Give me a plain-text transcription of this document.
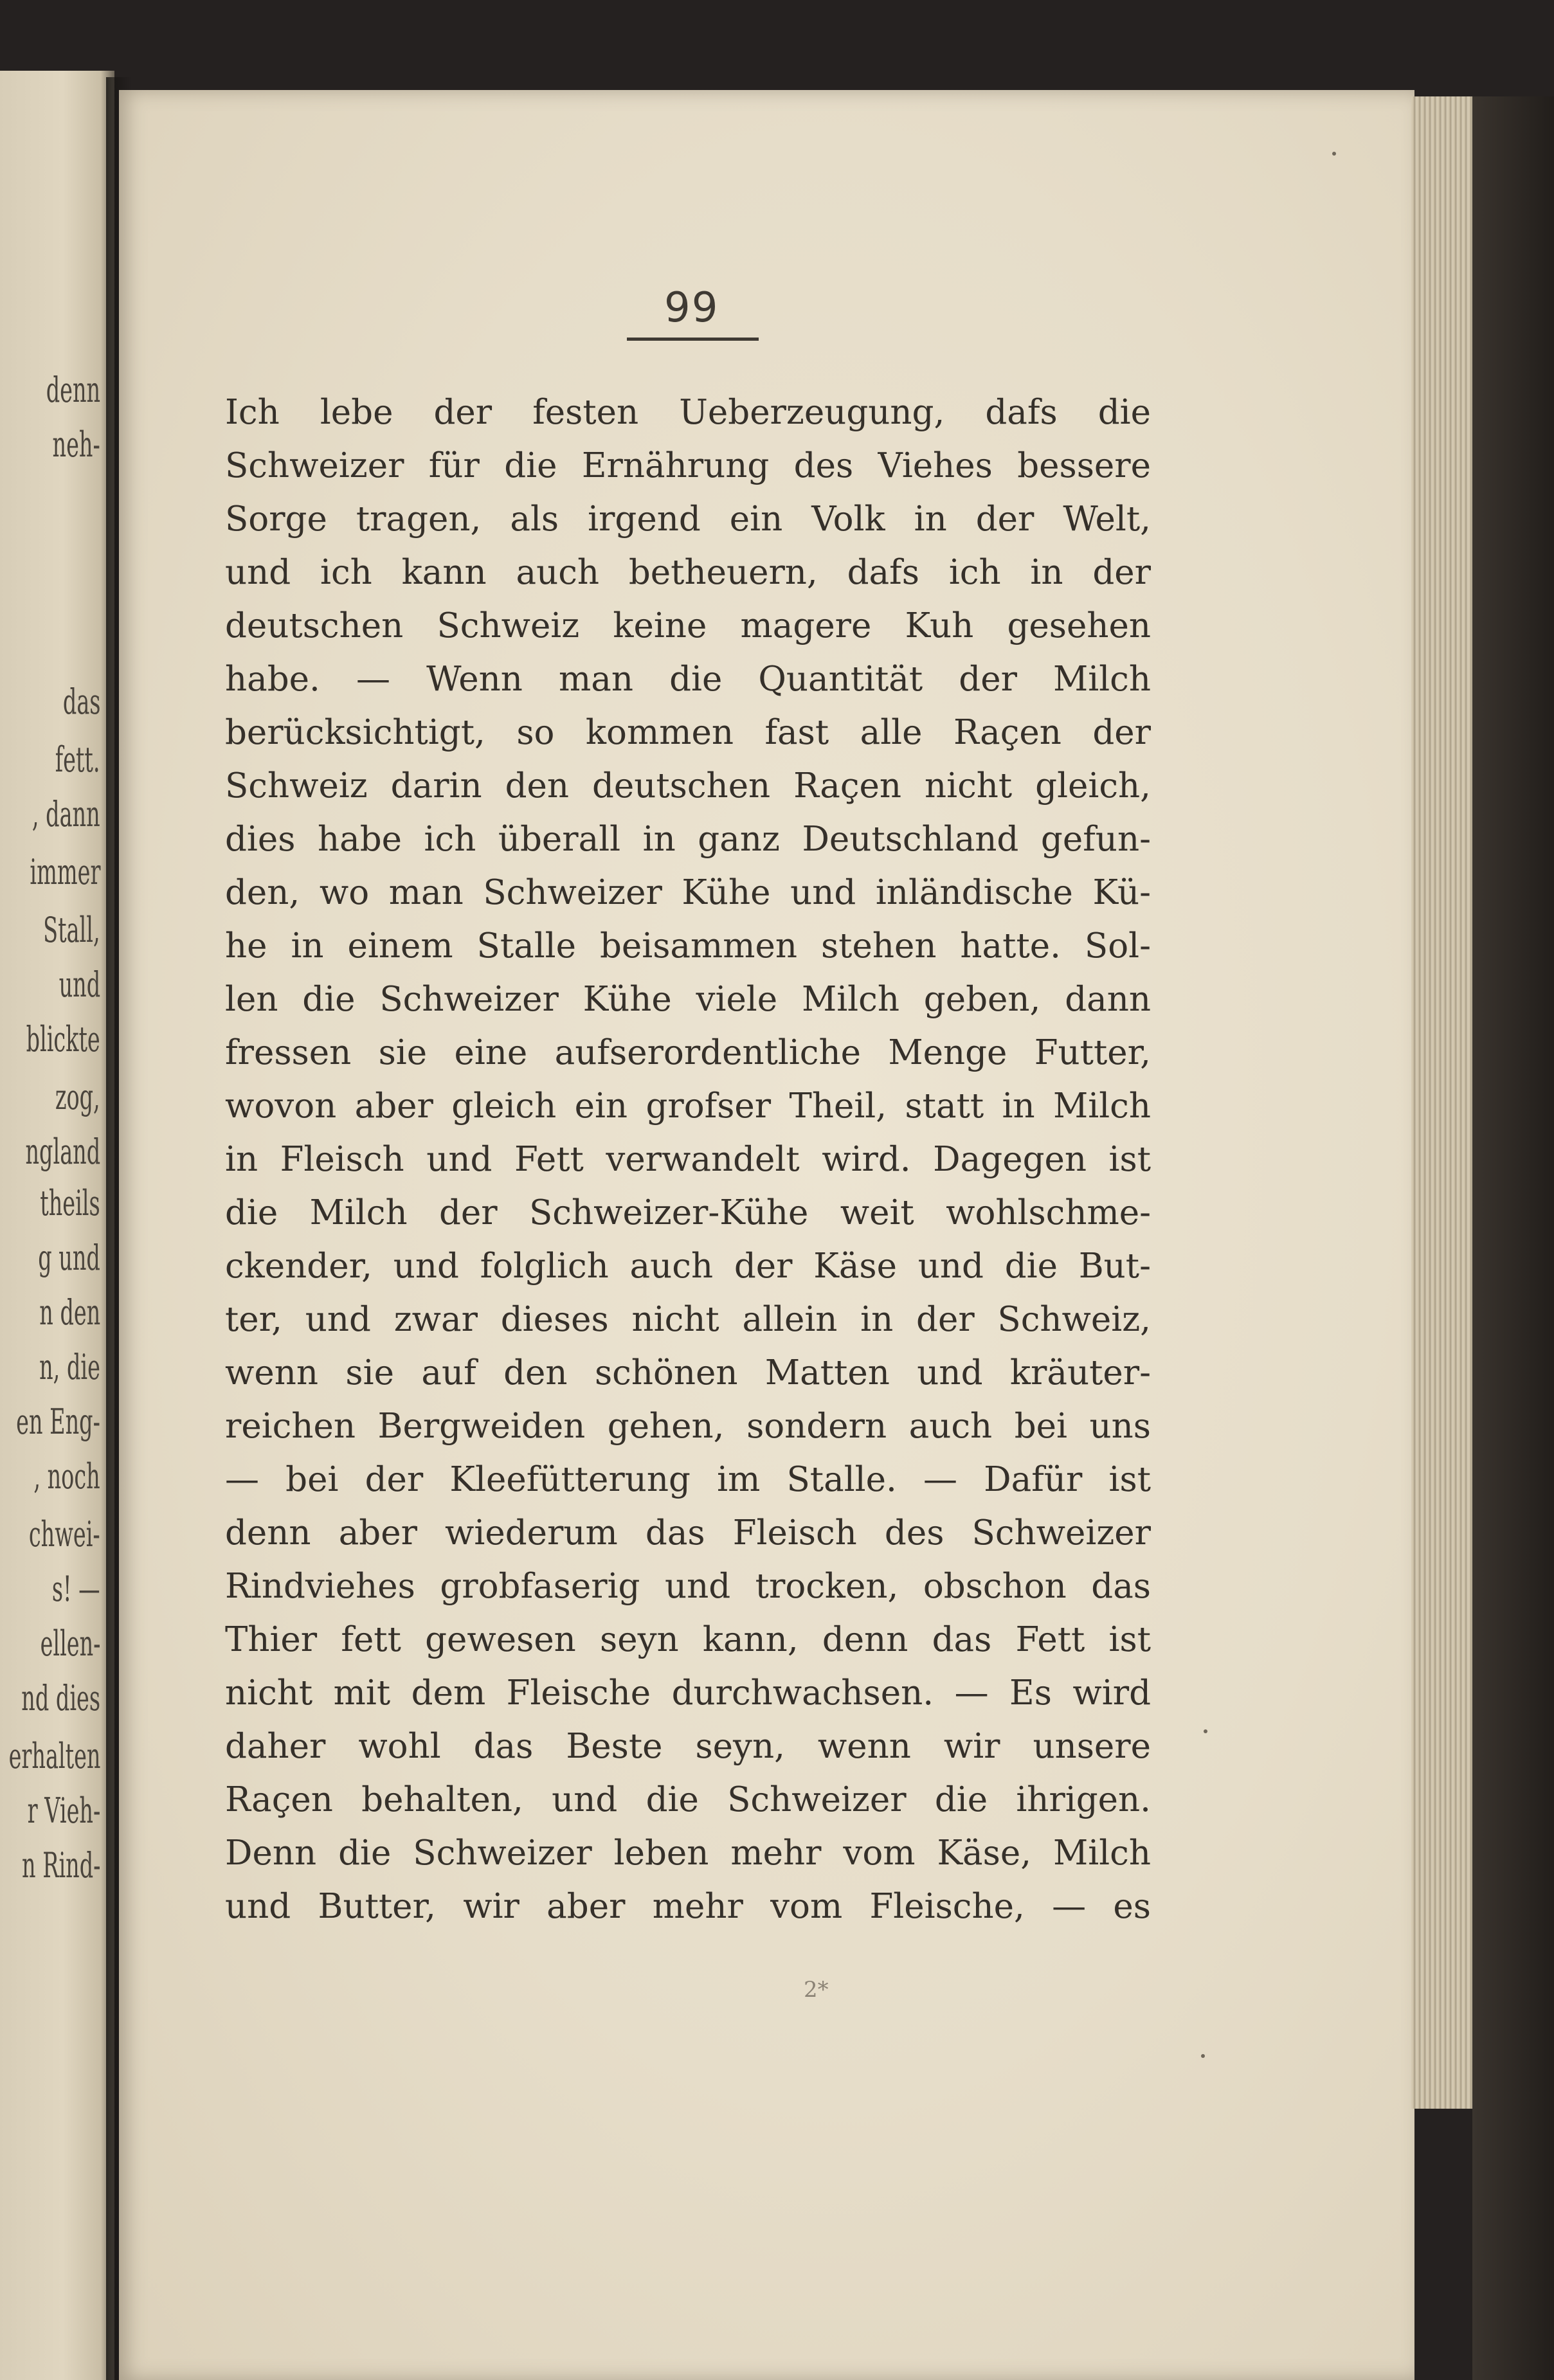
denn
neh-
das
fett.
, dann
immer
Stall,
und
blickte
zog,
ngland
theils
g und
n den
n, die
en Eng-
, noch
chwei-
s! —
ellen-
nd dies
erhalten
r Vieh-
n Rind-
99
Ich lebe der festen Ueberzeugung, dafs die
Schweizer für die Ernährung des Viehes bessere
Sorge tragen, als irgend ein Volk in der Welt,
und ich kann auch betheuern, dafs ich in der
deutschen Schweiz keine magere Kuh gesehen
habe. — Wenn man die Quantität der Milch
berücksichtigt, so kommen fast alle Raçen der
Schweiz darin den deutschen Raçen nicht gleich,
dies habe ich überall in ganz Deutschland gefun-
den, wo man Schweizer Kühe und inländische Kü-
he in einem Stalle beisammen stehen hatte. Sol-
len die Schweizer Kühe viele Milch geben, dann
fressen sie eine aufserordentliche Menge Futter,
wovon aber gleich ein grofser Theil, statt in Milch
in Fleisch und Fett verwandelt wird. Dagegen ist
die Milch der Schweizer-Kühe weit wohlschme-
ckender, und folglich auch der Käse und die But-
ter, und zwar dieses nicht allein in der Schweiz,
wenn sie auf den schönen Matten und kräuter-
reichen Bergweiden gehen, sondern auch bei uns
— bei der Kleefütterung im Stalle. — Dafür ist
denn aber wiederum das Fleisch des Schweizer
Rindviehes grobfaserig und trocken, obschon das
Thier fett gewesen seyn kann, denn das Fett ist
nicht mit dem Fleische durchwachsen. — Es wird
daher wohl das Beste seyn, wenn wir unsere
Raçen behalten, und die Schweizer die ihrigen.
Denn die Schweizer leben mehr vom Käse, Milch
und Butter, wir aber mehr vom Fleische, — es
2*
